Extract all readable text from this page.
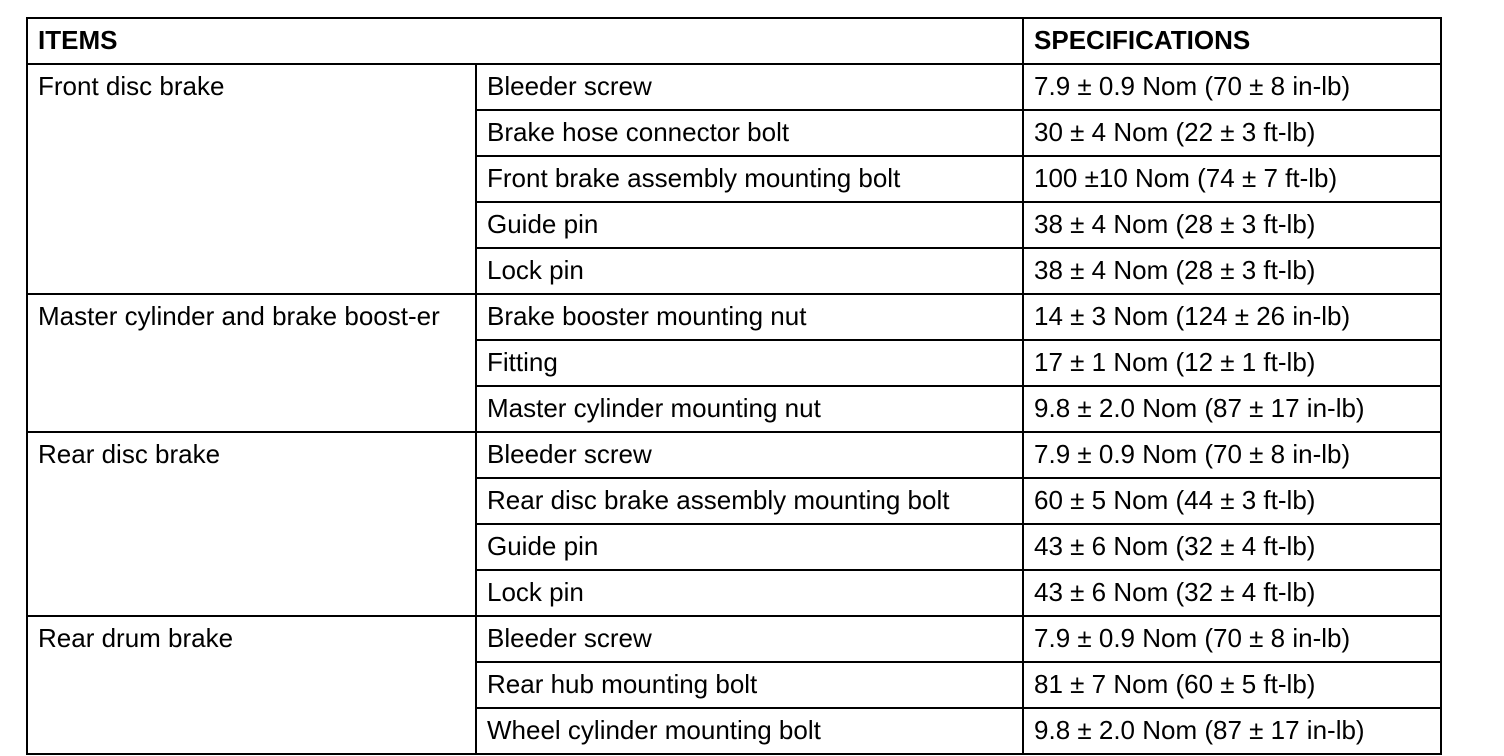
ITEMS		SPECIFICATIONS
Front disc brake	Bleeder screw	7.9 ± 0.9 Nom (70 ± 8 in-lb)
	Brake hose connector bolt	30 ± 4 Nom (22 ± 3 ft-lb)
	Front brake assembly mounting bolt	100 ±10 Nom (74 ± 7 ft-lb)
	Guide pin	38 ± 4 Nom (28 ± 3 ft-lb)
	Lock pin	38 ± 4 Nom (28 ± 3 ft-lb)
Master cylinder and brake boost-er	Brake booster mounting nut	14 ± 3 Nom (124 ± 26 in-lb)
	Fitting	17 ± 1 Nom (12 ± 1 ft-lb)
	Master cylinder mounting nut	9.8 ± 2.0 Nom (87 ± 17 in-lb)
Rear disc brake	Bleeder screw	7.9 ± 0.9 Nom (70 ± 8 in-lb)
	Rear disc brake assembly mounting bolt	60 ± 5 Nom (44 ± 3 ft-lb)
	Guide pin	43 ± 6 Nom (32 ± 4 ft-lb)
	Lock pin	43 ± 6 Nom (32 ± 4 ft-lb)
Rear drum brake	Bleeder screw	7.9 ± 0.9 Nom (70 ± 8 in-lb)
	Rear hub mounting bolt	81 ± 7 Nom (60 ± 5 ft-lb)
	Wheel cylinder mounting bolt	9.8 ± 2.0 Nom (87 ± 17 in-lb)
